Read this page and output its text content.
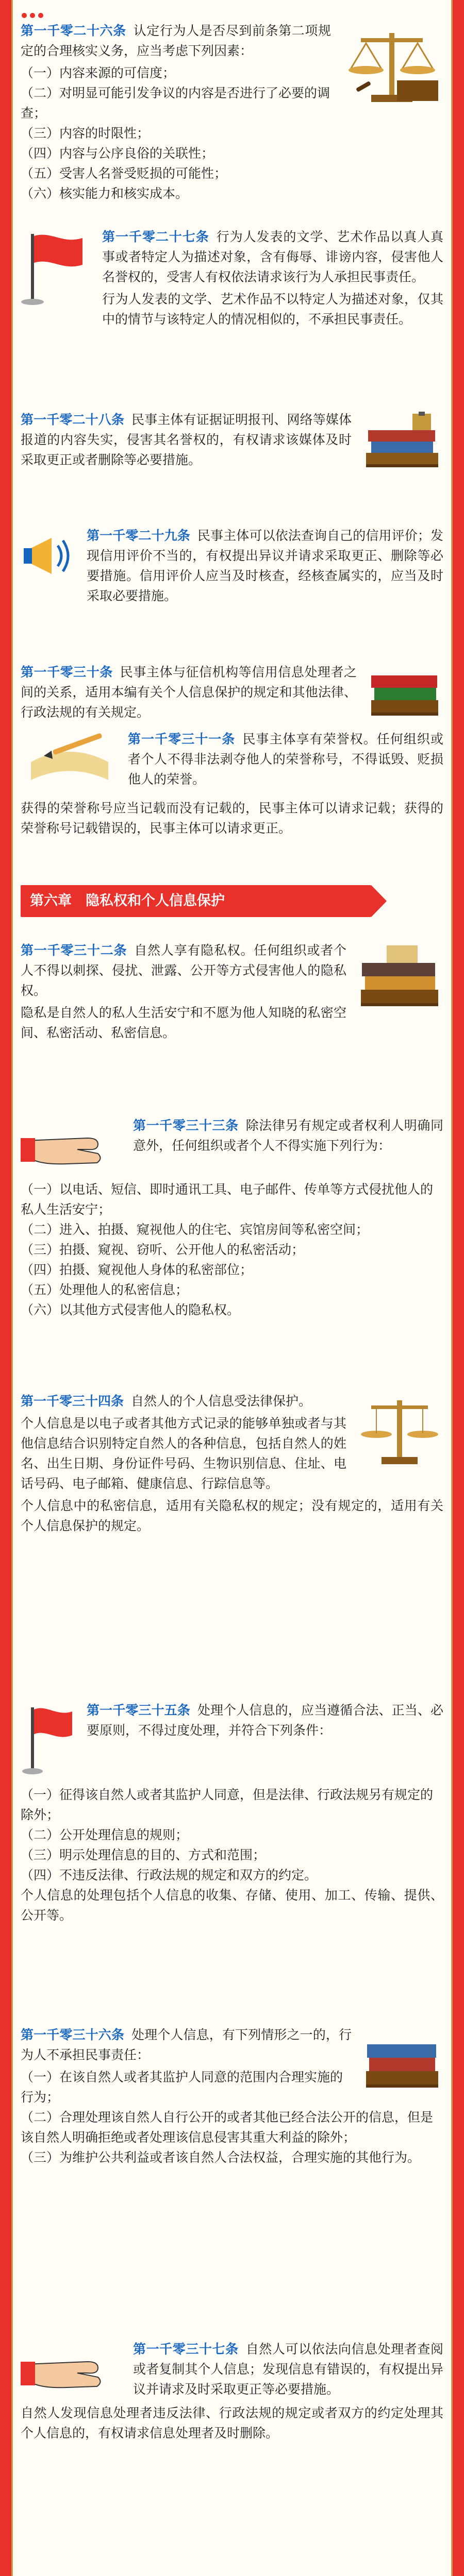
第一千零二十六条 认定行为人是否尽到前条第二项规定的合理核实义务，应当考虑下列因素：

（一）内容来源的可信度；
（二）对明显可能引发争议的内容是否进行了必要的调查；
（三）内容的时限性；
（四）内容与公序良俗的关联性；
（五）受害人名誉受贬损的可能性；
（六）核实能力和核实成本。

第一千零二十七条 行为人发表的文学、艺术作品以真人真事或者特定人为描述对象，含有侮辱、诽谤内容，侵害他人名誉权的，受害人有权依法请求该行为人承担民事责任。

行为人发表的文学、艺术作品不以特定人为描述对象，仅其中的情节与该特定人的情况相似的，不承担民事责任。

第一千零二十八条 民事主体有证据证明报刊、网络等媒体报道的内容失实，侵害其名誉权的，有权请求该媒体及时采取更正或者删除等必要措施。

第一千零二十九条 民事主体可以依法查询自己的信用评价；发现信用评价不当的，有权提出异议并请求采取更正、删除等必要措施。信用评价人应当及时核查，经核查属实的，应当及时采取必要措施。

第一千零三十条 民事主体与征信机构等信用信息处理者之间的关系，适用本编有关个人信息保护的规定和其他法律、行政法规的有关规定。

第一千零三十一条 民事主体享有荣誉权。任何组织或者个人不得非法剥夺他人的荣誉称号，不得诋毁、贬损他人的荣誉。

获得的荣誉称号应当记载而没有记载的，民事主体可以请求记载；获得的荣誉称号记载错误的，民事主体可以请求更正。

第六章　隐私权和个人信息保护

第一千零三十二条 自然人享有隐私权。任何组织或者个人不得以刺探、侵扰、泄露、公开等方式侵害他人的隐私权。

隐私是自然人的私人生活安宁和不愿为他人知晓的私密空间、私密活动、私密信息。

第一千零三十三条 除法律另有规定或者权利人明确同意外，任何组织或者个人不得实施下列行为：

（一）以电话、短信、即时通讯工具、电子邮件、传单等方式侵扰他人的私人生活安宁；
（二）进入、拍摄、窥视他人的住宅、宾馆房间等私密空间；
（三）拍摄、窥视、窃听、公开他人的私密活动；
（四）拍摄、窥视他人身体的私密部位；
（五）处理他人的私密信息；
（六）以其他方式侵害他人的隐私权。

第一千零三十四条 自然人的个人信息受法律保护。

个人信息是以电子或者其他方式记录的能够单独或者与其他信息结合识别特定自然人的各种信息，包括自然人的姓名、出生日期、身份证件号码、生物识别信息、住址、电话号码、电子邮箱、健康信息、行踪信息等。

个人信息中的私密信息，适用有关隐私权的规定；没有规定的，适用有关个人信息保护的规定。

第一千零三十五条 处理个人信息的，应当遵循合法、正当、必要原则，不得过度处理，并符合下列条件：

（一）征得该自然人或者其监护人同意，但是法律、行政法规另有规定的除外；
（二）公开处理信息的规则；
（三）明示处理信息的目的、方式和范围；
（四）不违反法律、行政法规的规定和双方的约定。

个人信息的处理包括个人信息的收集、存储、使用、加工、传输、提供、公开等。

第一千零三十六条 处理个人信息，有下列情形之一的，行为人不承担民事责任：

（一）在该自然人或者其监护人同意的范围内合理实施的行为；
（二）合理处理该自然人自行公开的或者其他已经合法公开的信息，但是该自然人明确拒绝或者处理该信息侵害其重大利益的除外；
（三）为维护公共利益或者该自然人合法权益，合理实施的其他行为。

第一千零三十七条 自然人可以依法向信息处理者查阅或者复制其个人信息；发现信息有错误的，有权提出异议并请求及时采取更正等必要措施。

自然人发现信息处理者违反法律、行政法规的规定或者双方的约定处理其个人信息的，有权请求信息处理者及时删除。
